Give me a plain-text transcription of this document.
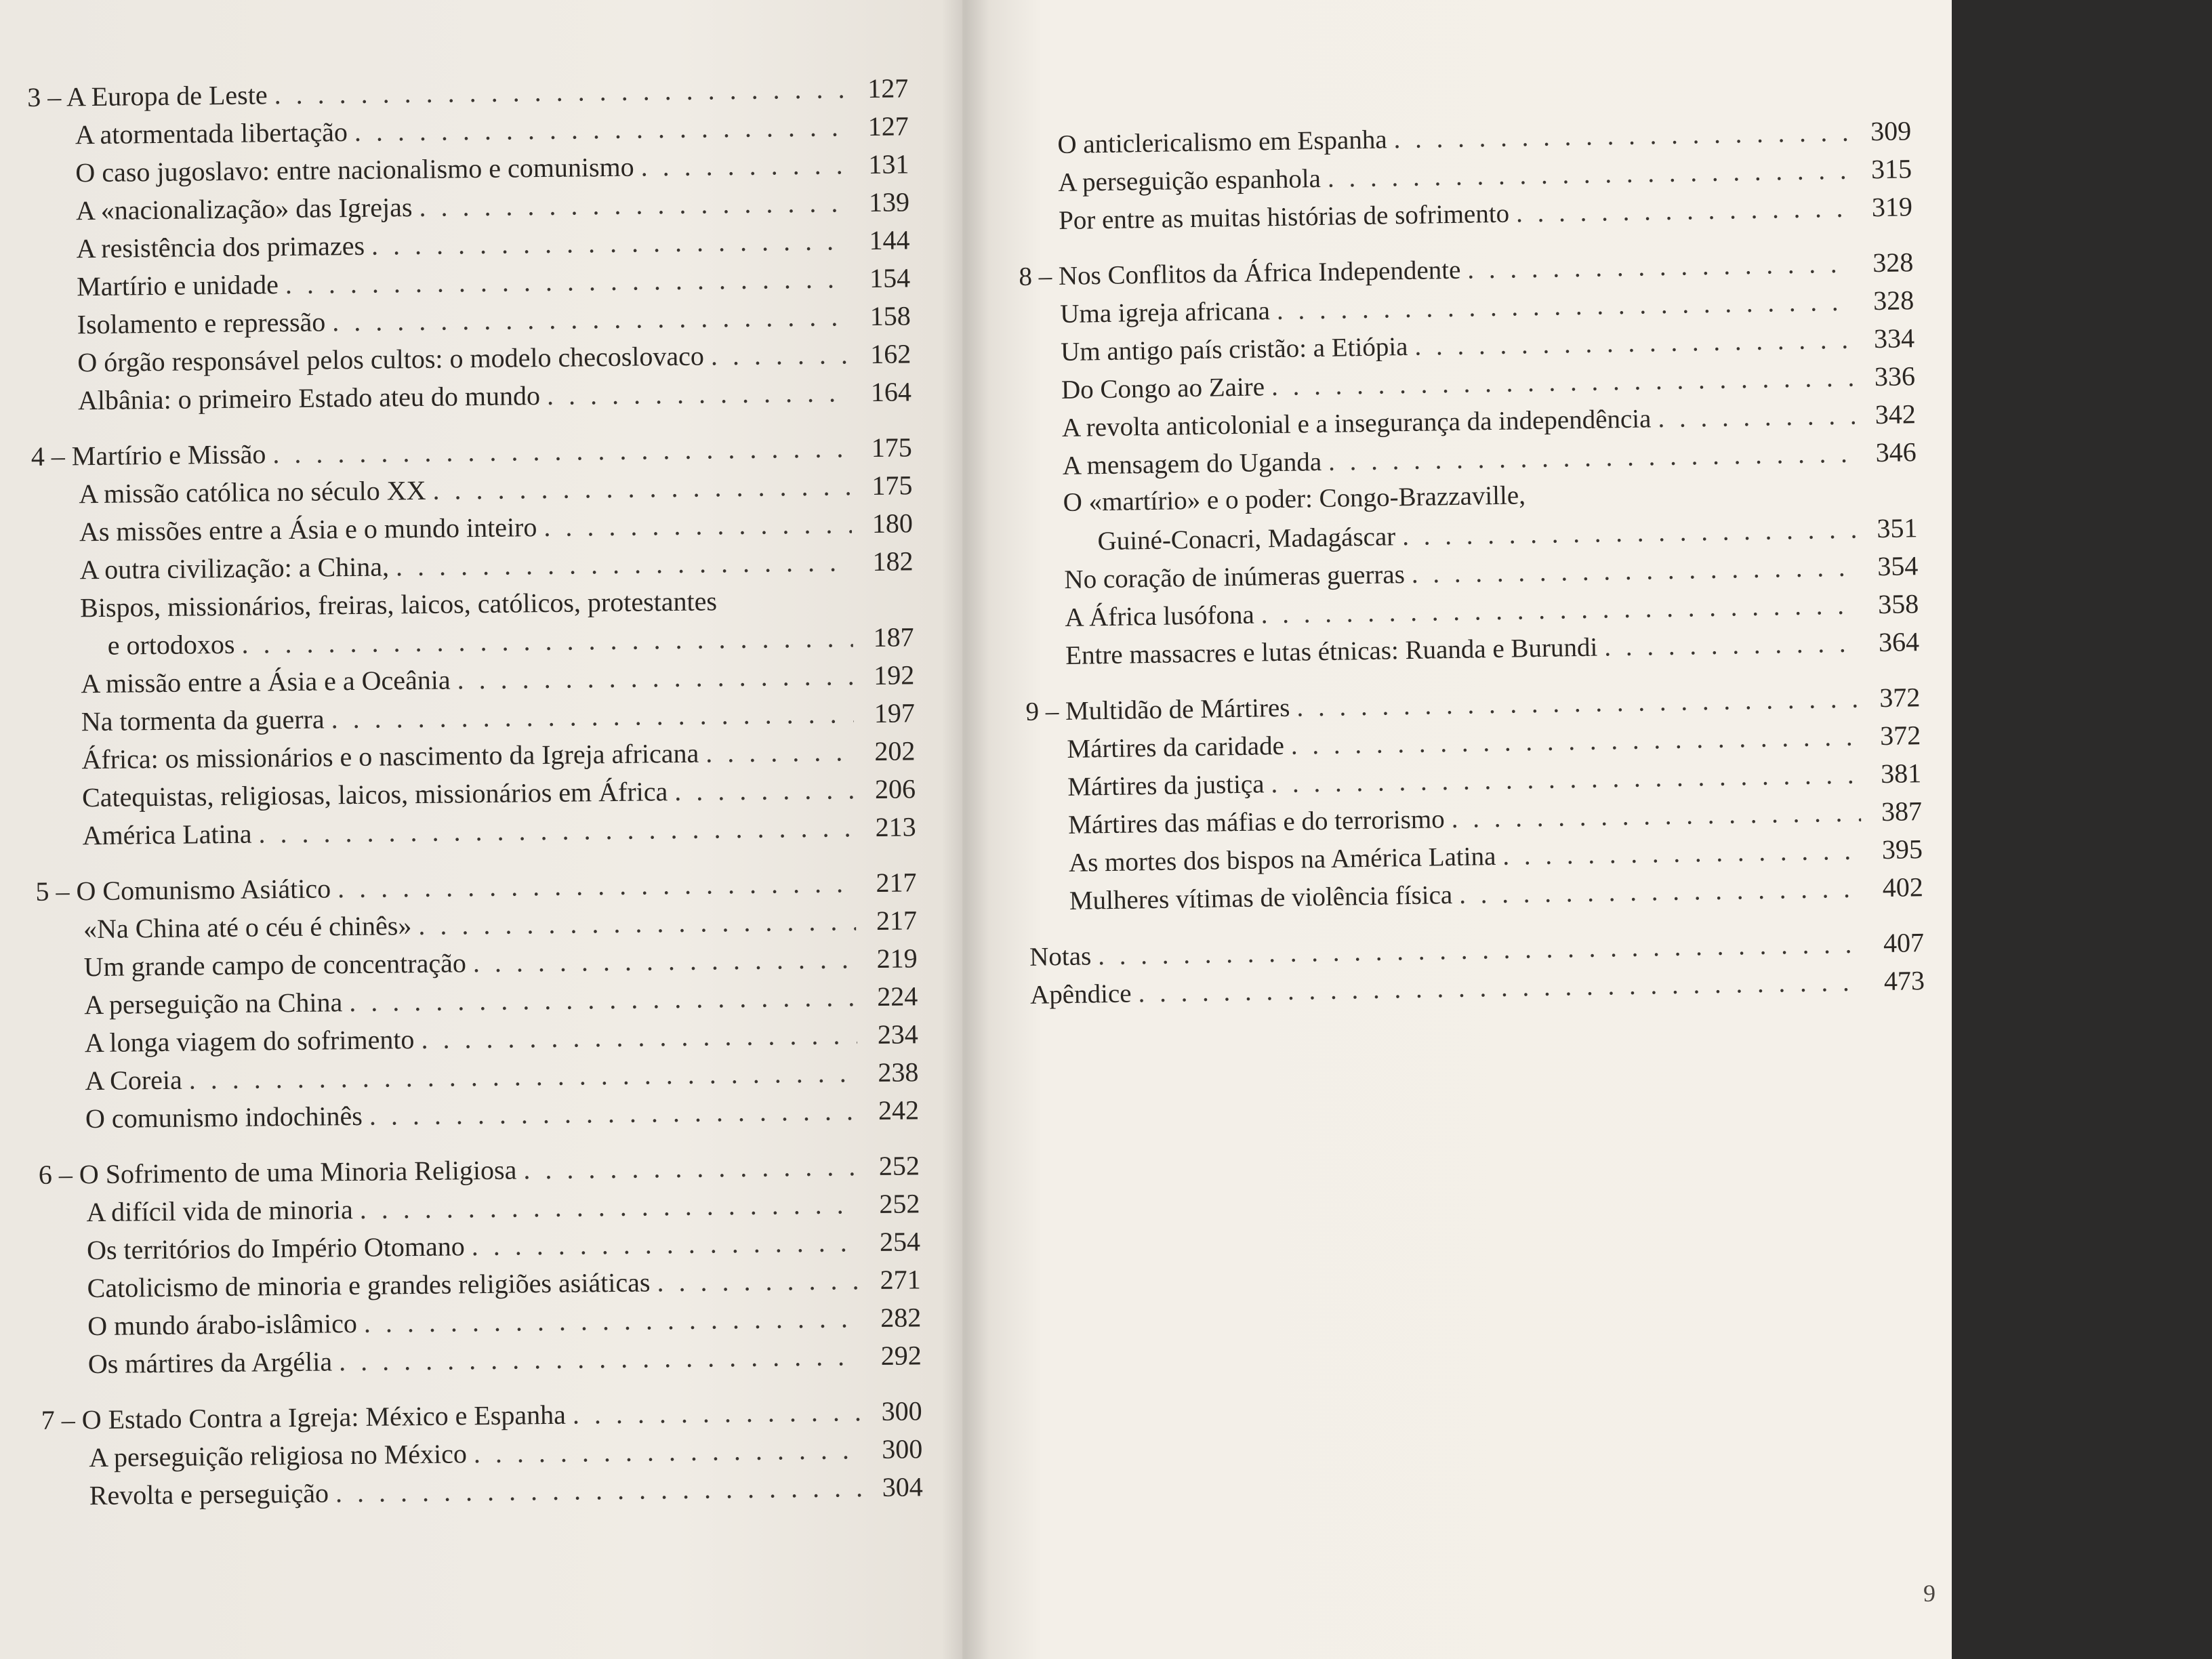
3 – A Europa de Leste . . .	127
A atormentada libertação . . .	127
O caso jugoslavo: entre nacionalismo e comunismo . . .	131
A «nacionalização» das Igrejas . . .	139
A resistência dos primazes . . .	144
Martírio e unidade . . .	154
Isolamento e repressão . . .	158
O órgão responsável pelos cultos: o modelo checoslovaco . . .	162
Albânia: o primeiro Estado ateu do mundo . . .	164
4 – Martírio e Missão . . .	175
A missão católica no século XX . . .	175
As missões entre a Ásia e o mundo inteiro . . .	180
A outra civilização: a China, . . .	182
Bispos, missionários, freiras, laicos, católicos, protestantes
e ortodoxos . . .	187
A missão entre a Ásia e a Oceânia . . .	192
Na tormenta da guerra . . .	197
África: os missionários e o nascimento da Igreja africana . . .	202
Catequistas, religiosas, laicos, missionários em África . . .	206
América Latina . . .	213
5 – O Comunismo Asiático . . .	217
«Na China até o céu é chinês» . . .	217
Um grande campo de concentração . . .	219
A perseguição na China . . .	224
A longa viagem do sofrimento . . .	234
A Coreia . . .	238
O comunismo indochinês . . .	242
6 – O Sofrimento de uma Minoria Religiosa . . .	252
A difícil vida de minoria . . .	252
Os territórios do Império Otomano . . .	254
Catolicismo de minoria e grandes religiões asiáticas . . .	271
O mundo árabo-islâmico . . .	282
Os mártires da Argélia . . .	292
7 – O Estado Contra a Igreja: México e Espanha . . .	300
A perseguição religiosa no México . . .	300
Revolta e perseguição . . .	304
O anticlericalismo em Espanha . . .	309
A perseguição espanhola . . .	315
Por entre as muitas histórias de sofrimento . . .	319
8 – Nos Conflitos da África Independente . . .	328
Uma igreja africana . . .	328
Um antigo país cristão: a Etiópia . . .	334
Do Congo ao Zaire . . .	336
A revolta anticolonial e a insegurança da independência . . .	342
A mensagem do Uganda . . .	346
O «martírio» e o poder: Congo-Brazzaville,
Guiné-Conacri, Madagáscar . . .	351
No coração de inúmeras guerras . . .	354
A África lusófona . . .	358
Entre massacres e lutas étnicas: Ruanda e Burundi . . .	364
9 – Multidão de Mártires . . .	372
Mártires da caridade . . .	372
Mártires da justiça . . .	381
Mártires das máfias e do terrorismo . . .	387
As mortes dos bispos na América Latina . . .	395
Mulheres vítimas de violência física . . .	402
Notas . . .	407
Apêndice . . .	473
9
